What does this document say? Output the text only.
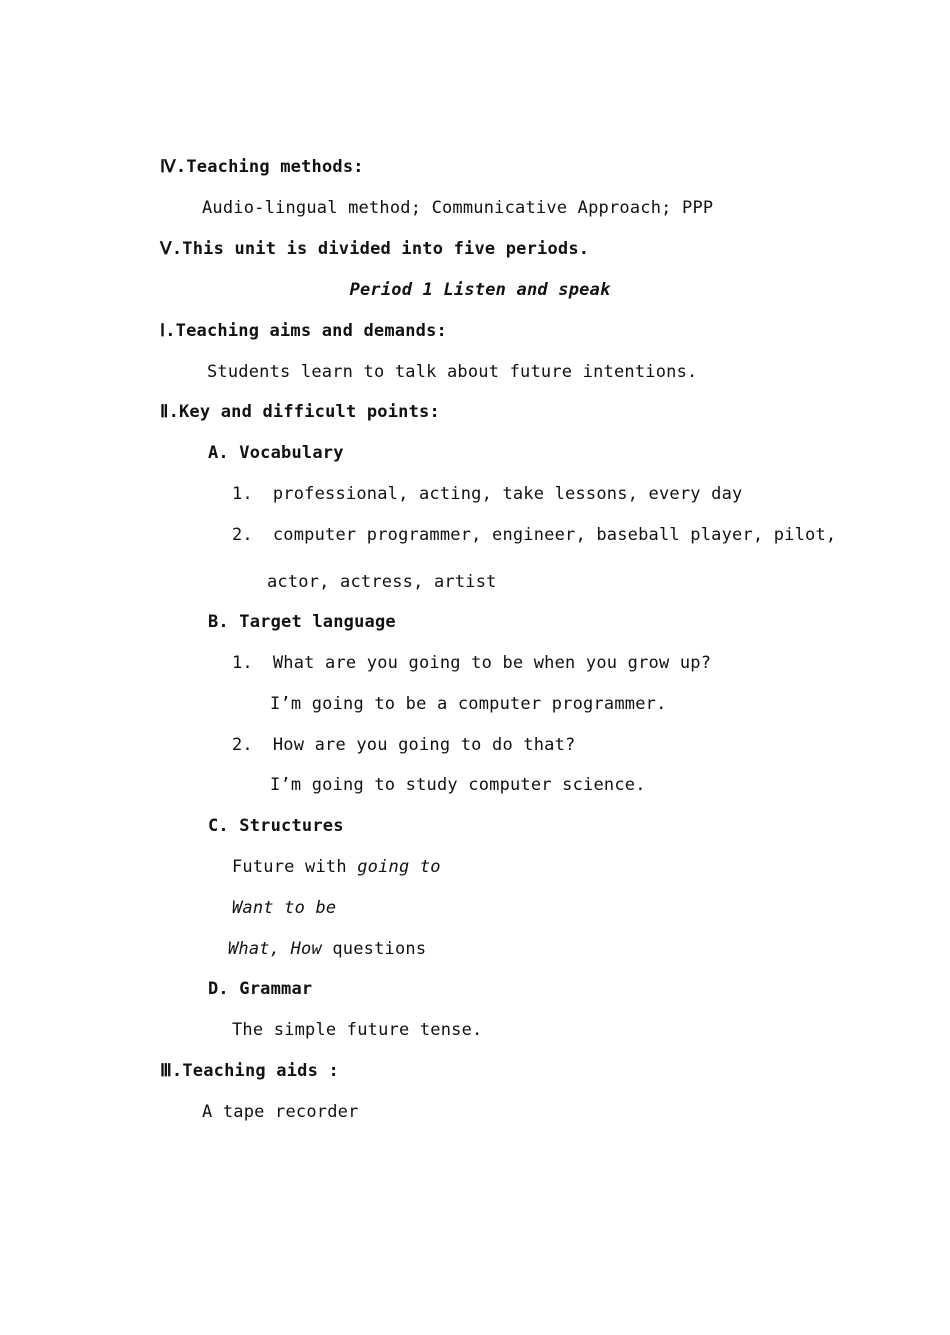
Ⅳ.Teaching methods:
Audio-lingual method; Communicative Approach; PPP
Ⅴ.This unit is divided into five periods.
Period 1 Listen and speak
Ⅰ.Teaching aims and demands:
Students learn to talk about future intentions.
Ⅱ.Key and difficult points:
A. Vocabulary
1. professional, acting, take lessons, every day
2. computer programmer, engineer, baseball player, pilot,
actor, actress, artist
B. Target language
1. What are you going to be when you grow up?
I’m going to be a computer programmer.
2. How are you going to do that?
I’m going to study computer science.
C. Structures
Future with going to
Want to be
What, How questions
D. Grammar
The simple future tense.
Ⅲ.Teaching aids :
A tape recorder
